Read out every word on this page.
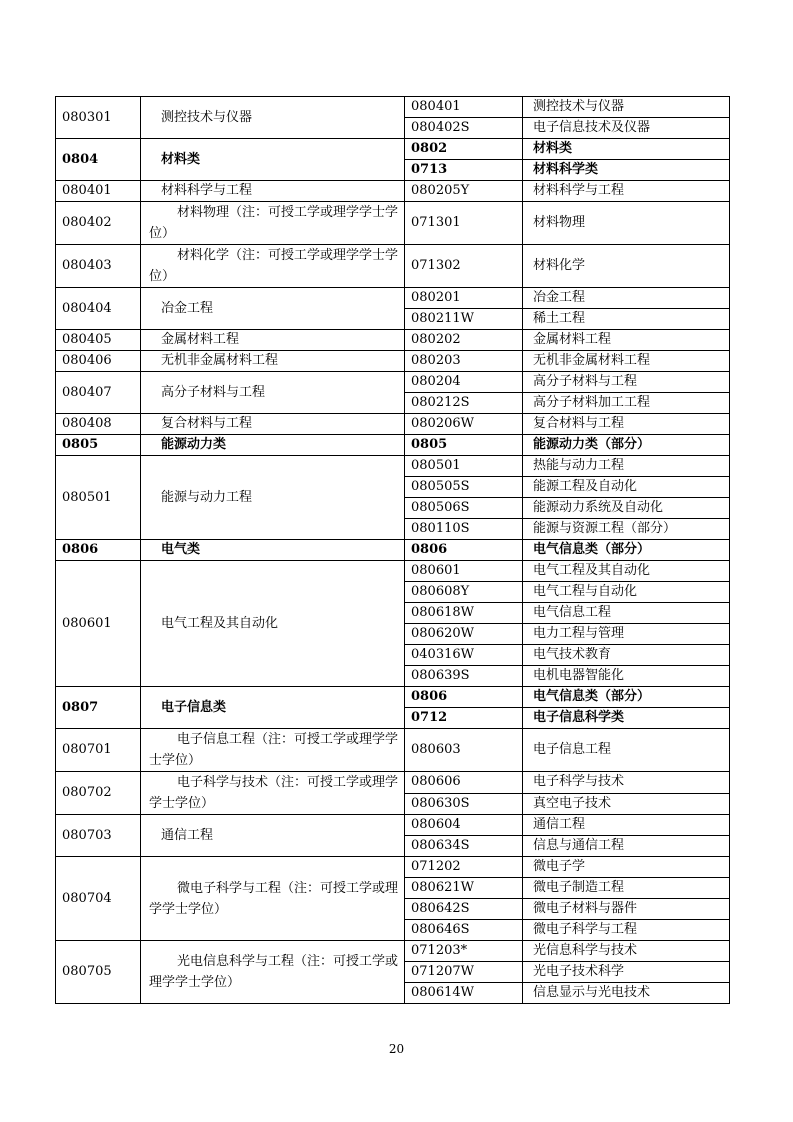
080301	测控技术与仪器	080401	测控技术与仪器
		080402S	电子信息技术及仪器
0804	材料类	0802	材料类
		0713	材料科学类
080401	材料科学与工程	080205Y	材料科学与工程
080402	材料物理（注：可授工学或理学学士学位）	071301	材料物理
080403	材料化学（注：可授工学或理学学士学位）	071302	材料化学
080404	冶金工程	080201	冶金工程
		080211W	稀土工程
080405	金属材料工程	080202	金属材料工程
080406	无机非金属材料工程	080203	无机非金属材料工程
080407	高分子材料与工程	080204	高分子材料与工程
		080212S	高分子材料加工工程
080408	复合材料与工程	080206W	复合材料与工程
0805	能源动力类	0805	能源动力类（部分）
080501	能源与动力工程	080501	热能与动力工程
		080505S	能源工程及自动化
		080506S	能源动力系统及自动化
		080110S	能源与资源工程（部分）
0806	电气类	0806	电气信息类（部分）
080601	电气工程及其自动化	080601	电气工程及其自动化
		080608Y	电气工程与自动化
		080618W	电气信息工程
		080620W	电力工程与管理
		040316W	电气技术教育
		080639S	电机电器智能化
0807	电子信息类	0806	电气信息类（部分）
		0712	电子信息科学类
080701	电子信息工程（注：可授工学或理学学士学位）	080603	电子信息工程
080702	电子科学与技术（注：可授工学或理学学士学位）	080606	电子科学与技术
		080630S	真空电子技术
080703	通信工程	080604	通信工程
		080634S	信息与通信工程
080704	微电子科学与工程（注：可授工学或理学学士学位）	071202	微电子学
		080621W	微电子制造工程
		080642S	微电子材料与器件
		080646S	微电子科学与工程
080705	光电信息科学与工程（注：可授工学或理学学士学位）	071203*	光信息科学与技术
		071207W	光电子技术科学
		080614W	信息显示与光电技术
20
